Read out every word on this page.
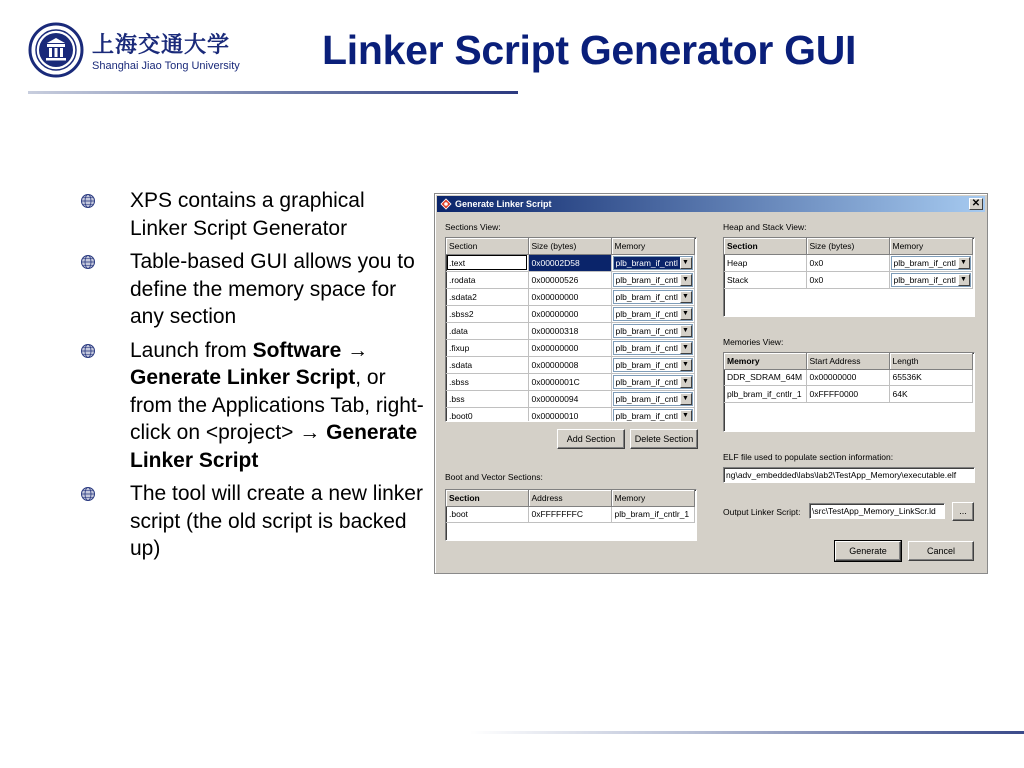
上海交通大学
Shanghai Jiao Tong University Linker Script Generator GUI
XPS contains a graphical Linker Script Generator
Table-based GUI allows you to define the memory space for any section
Launch from Software → Generate Linker Script, or from the Applications Tab, right-click on <project> → Generate Linker Script
The tool will create a new linker script (the old script is backed up)
Generate Linker Script	✕
Sections View:
Section	Size (bytes)	Memory
.text	0x00002D58	plb_bram_if_cntl ▼

.rodata	0x00000526	plb_bram_if_cntl ▼

.sdata2	0x00000000	plb_bram_if_cntl ▼

.sbss2	0x00000000	plb_bram_if_cntl ▼

.data	0x00000318	plb_bram_if_cntl ▼

.fixup	0x00000000	plb_bram_if_cntl ▼

.sdata	0x00000008	plb_bram_if_cntl ▼

.sbss	0x0000001C	plb_bram_if_cntl ▼

.bss	0x00000094	plb_bram_if_cntl ▼

.boot0	0x00000010	plb_bram_if_cntl ▼
Add Section	Delete Section
Boot and Vector Sections:
Section	Address	Memory
.boot	0xFFFFFFFC	plb_bram_if_cntlr_1
Heap and Stack View:
Section	Size (bytes)	Memory
Heap	0x0	plb_bram_if_cntl ▼

Stack	0x0	plb_bram_if_cntl ▼
Memories View:
Memory	Start Address	Length
DDR_SDRAM_64M	0x00000000	65536K
plb_bram_if_cntlr_1	0xFFFF0000	64K
ELF file used to populate section information:
ng\adv_embedded\labs\lab2\TestApp_Memory\executable.elf
Output Linker Script:	\src\TestApp_Memory_LinkScr.ld	...
Generate	Cancel
